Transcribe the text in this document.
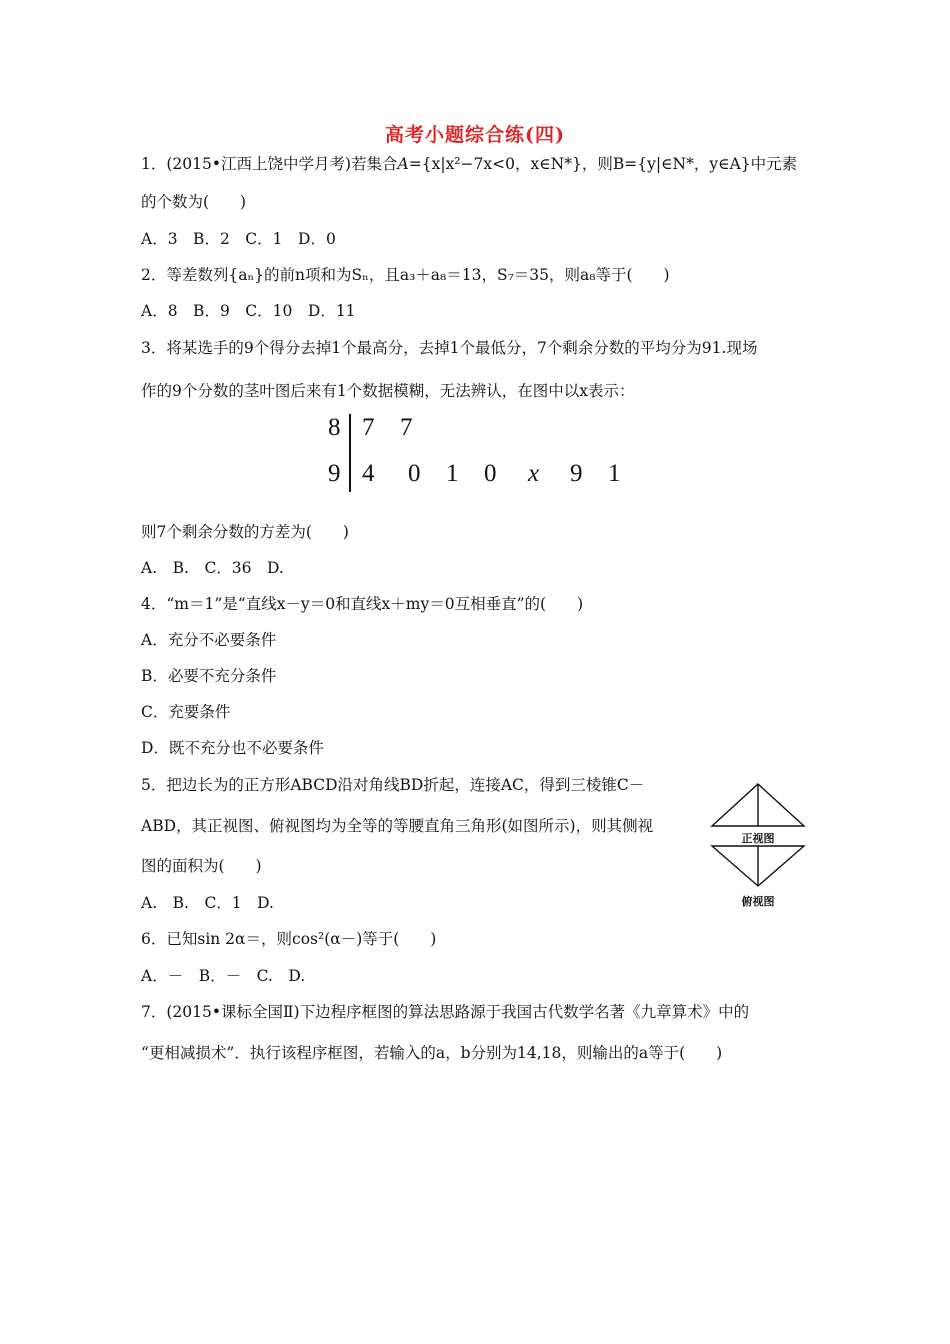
高考小题综合练(四)
1．(2015•江西上饶中学月考)若集合A={x|x²−7x<0，x∈N*}，则B={y|∈N*，y∈A}中元素
的个数为(　　)
A．3　B．2　C．1　D．0
2．等差数列{aₙ}的前n项和为Sₙ，且a₃＋a₈＝13，S₇＝35，则a₈等于(　　)
A．8　B．9　C．10　D．11
3．将某选手的9个得分去掉1个最高分，去掉1个最低分，7个剩余分数的平均分为91.现场
作的9个分数的茎叶图后来有1个数据模糊，无法辨认，在图中以x表示：
8 7 7
9 4 0 1 0 x 9 1
则7个剩余分数的方差为(　　)
A.　B.　C．36　D.
4．“m＝1”是“直线x－y＝0和直线x＋my＝0互相垂直”的(　　)
A．充分不必要条件
B．必要不充分条件
C．充要条件
D．既不充分也不必要条件
5．把边长为的正方形ABCD沿对角线BD折起，连接AC，得到三棱锥C－
ABD，其正视图、俯视图均为全等的等腰直角三角形(如图所示)，则其侧视
图的面积为(　　)
A.　B.　C．1　D.
正视图
俯视图
6．已知sin 2α＝，则cos²(α－)等于(　　)
A．－　B．－　C.　D.
7．(2015•课标全国Ⅱ)下边程序框图的算法思路源于我国古代数学名著《九章算术》中的
“更相减损术”．执行该程序框图，若输入的a，b分别为14,18，则输出的a等于(　　)
